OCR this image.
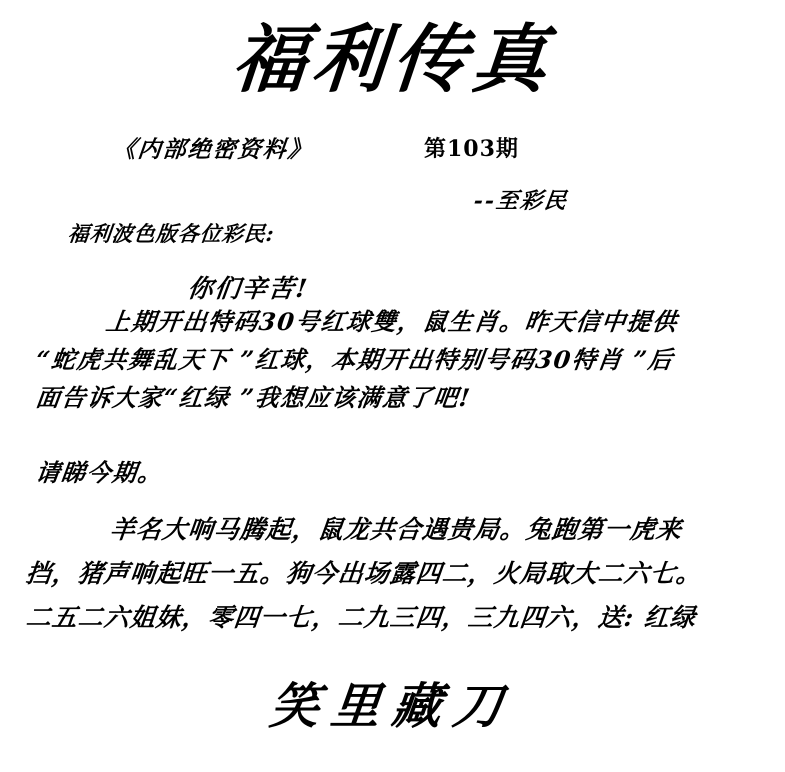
福利传真
《内部绝密资料》	第103期
--至彩民
福利波色版各位彩民:
你们辛苦!
上期开出特码30号红球雙，鼠生肖。昨天信中提供
“蛇虎共舞乱天下 ”红球，本期开出特别号码30特肖 ”后
面告诉大家“红绿 ”我想应该满意了吧!
请睇今期。
羊名大响马腾起，鼠龙共合遇贵局。兔跑第一虎来
挡，猪声响起旺一五。狗今出场露四二，火局取大二六七。
二五二六姐妹，零四一七，二九三四，三九四六，送: 红绿
笑里藏刀
